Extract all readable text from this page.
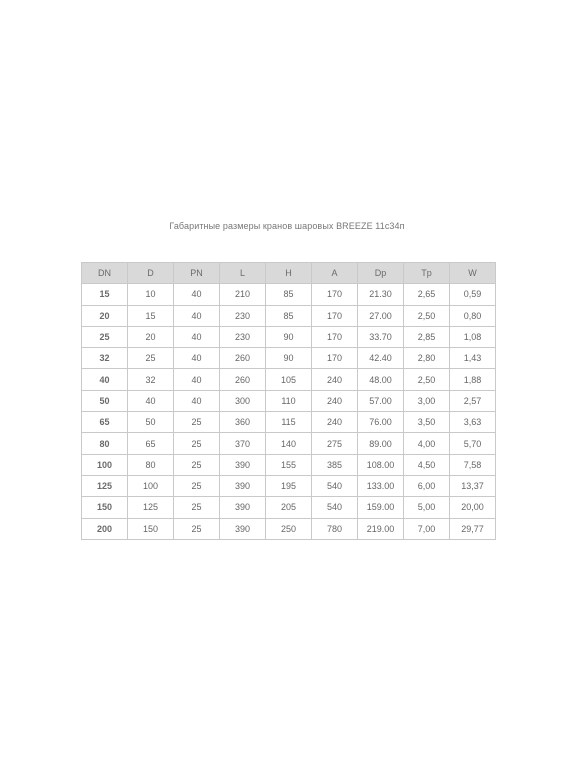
Габаритные размеры кранов шаровых BREEZE 11с34п
DN	D	PN	L	H	A	Dp	Tp	W
15	10	40	210	85	170	21.30	2,65	0,59
20	15	40	230	85	170	27.00	2,50	0,80
25	20	40	230	90	170	33.70	2,85	1,08
32	25	40	260	90	170	42.40	2,80	1,43
40	32	40	260	105	240	48.00	2,50	1,88
50	40	40	300	110	240	57.00	3,00	2,57
65	50	25	360	115	240	76.00	3,50	3,63
80	65	25	370	140	275	89.00	4,00	5,70
100	80	25	390	155	385	108.00	4,50	7,58
125	100	25	390	195	540	133.00	6,00	13,37
150	125	25	390	205	540	159.00	5,00	20,00
200	150	25	390	250	780	219.00	7,00	29,77
